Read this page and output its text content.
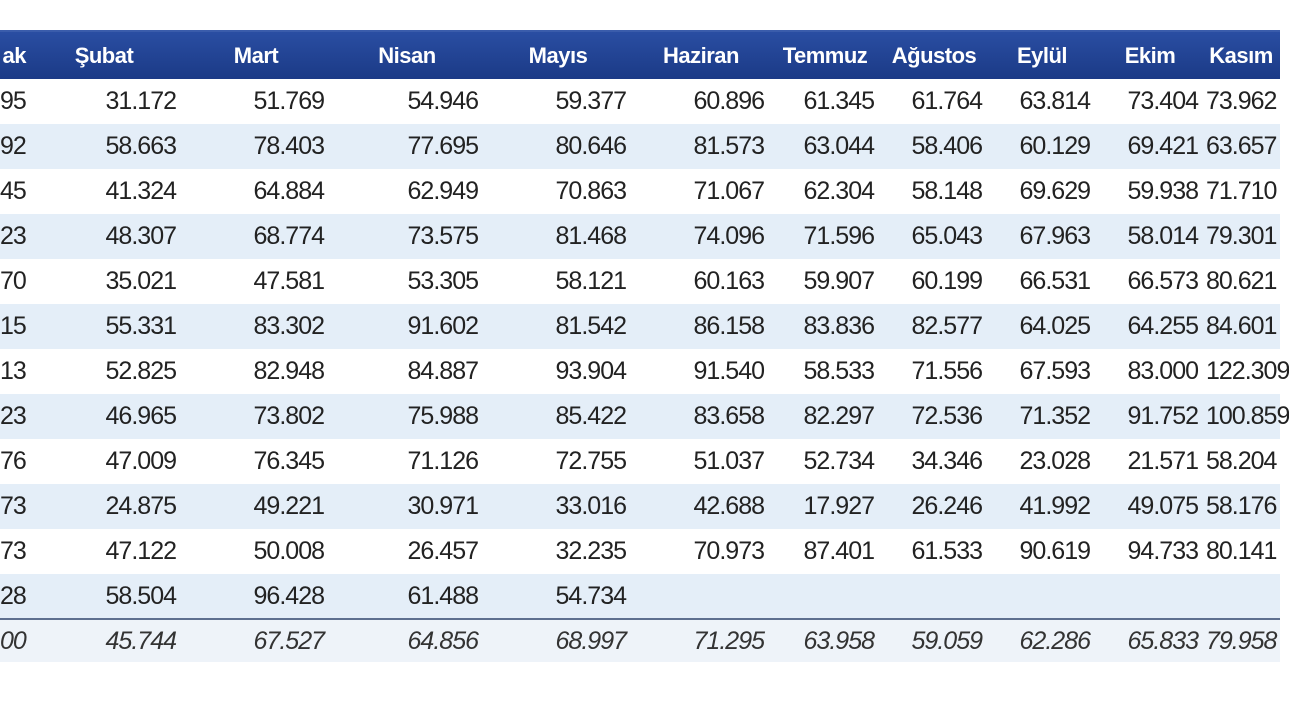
ak	Şubat	Mart	Nisan	Mayıs	Haziran	Temmuz	Ağustos	Eylül	Ekim	Kasım
95	31.172	51.769	54.946	59.377	60.896	61.345	61.764	63.814	73.404	73.962
92	58.663	78.403	77.695	80.646	81.573	63.044	58.406	60.129	69.421	63.657
45	41.324	64.884	62.949	70.863	71.067	62.304	58.148	69.629	59.938	71.710
23	48.307	68.774	73.575	81.468	74.096	71.596	65.043	67.963	58.014	79.301
70	35.021	47.581	53.305	58.121	60.163	59.907	60.199	66.531	66.573	80.621
15	55.331	83.302	91.602	81.542	86.158	83.836	82.577	64.025	64.255	84.601
13	52.825	82.948	84.887	93.904	91.540	58.533	71.556	67.593	83.000	122.309
23	46.965	73.802	75.988	85.422	83.658	82.297	72.536	71.352	91.752	100.859
76	47.009	76.345	71.126	72.755	51.037	52.734	34.346	23.028	21.571	58.204
73	24.875	49.221	30.971	33.016	42.688	17.927	26.246	41.992	49.075	58.176
73	47.122	50.008	26.457	32.235	70.973	87.401	61.533	90.619	94.733	80.141
28	58.504	96.428	61.488	54.734						
00	45.744	67.527	64.856	68.997	71.295	63.958	59.059	62.286	65.833	79.958
